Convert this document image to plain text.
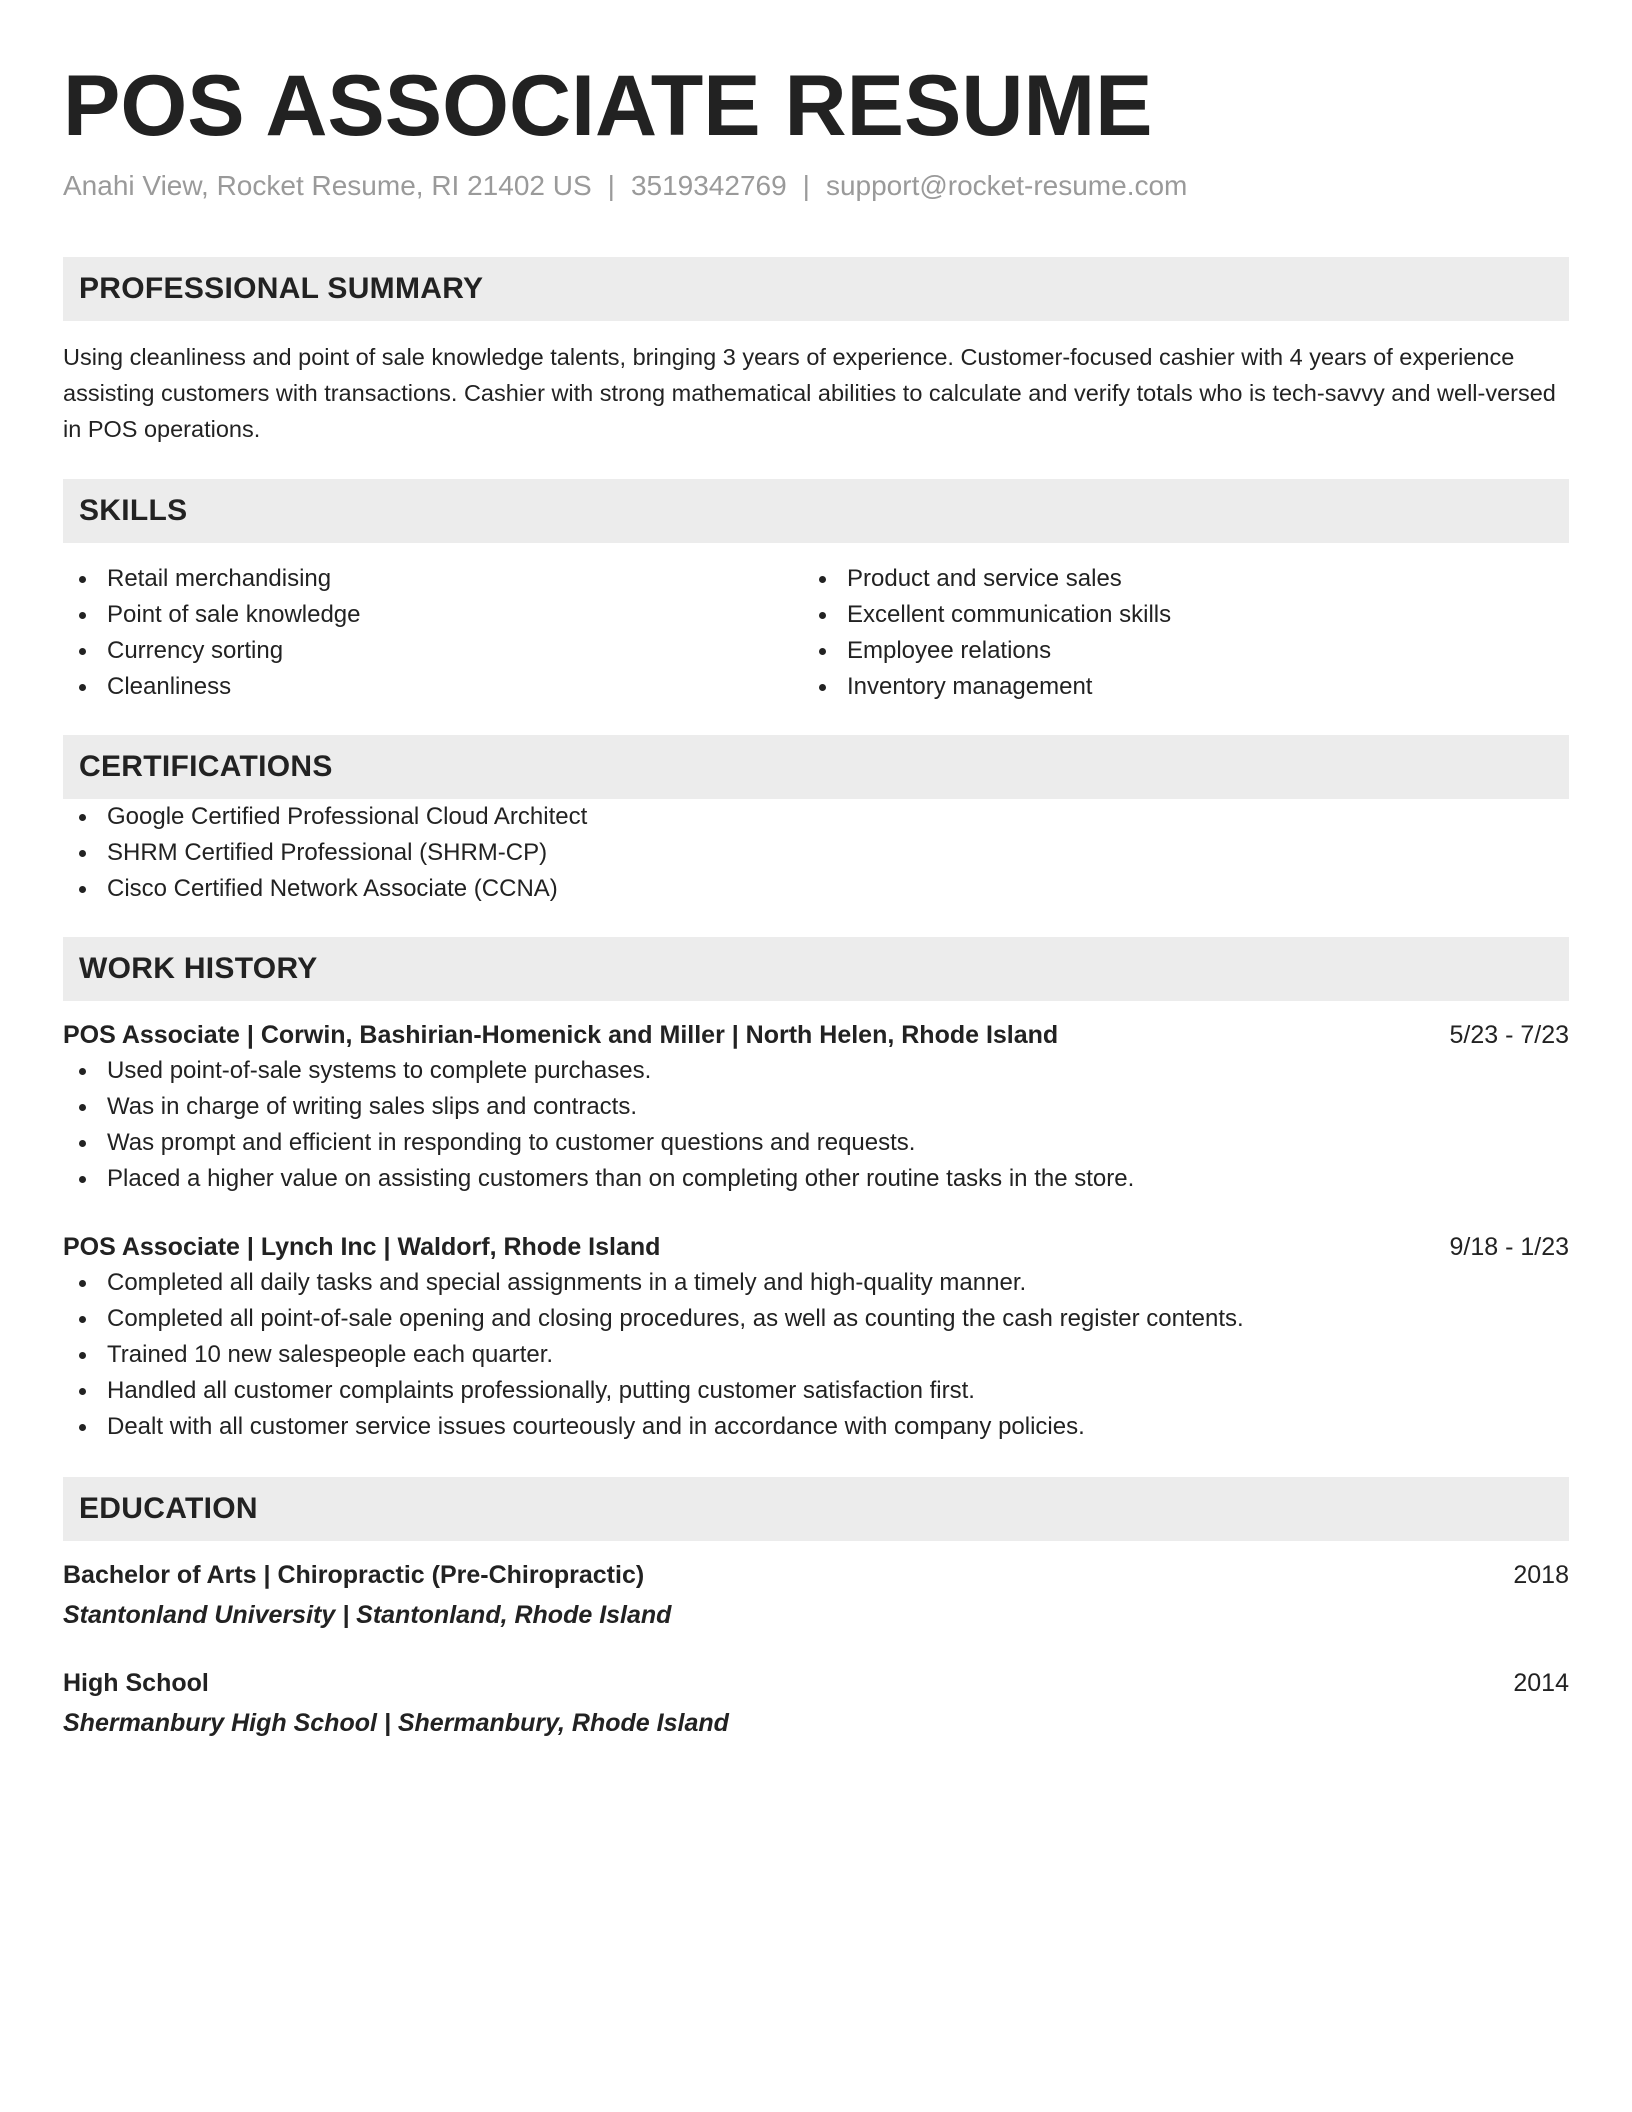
POS ASSOCIATE RESUME
Anahi View, Rocket Resume, RI 21402 US | 3519342769 | support@rocket-resume.com
PROFESSIONAL SUMMARY

Using cleanliness and point of sale knowledge talents, bringing 3 years of experience. Customer-focused cashier with 4 years of experience assisting customers with transactions. Cashier with strong mathematical abilities to calculate and verify totals who is tech-savvy and well-versed in POS operations.

SKILLS
Retail merchandising
Point of sale knowledge
Currency sorting
Cleanliness
Product and service sales
Excellent communication skills
Employee relations
Inventory management
CERTIFICATIONS
Google Certified Professional Cloud Architect
SHRM Certified Professional (SHRM-CP)
Cisco Certified Network Associate (CCNA)
WORK HISTORY
POS Associate | Corwin, Bashirian-Homenick and Miller | North Helen, Rhode Island	5/23 - 7/23
Used point-of-sale systems to complete purchases.
Was in charge of writing sales slips and contracts.
Was prompt and efficient in responding to customer questions and requests.
Placed a higher value on assisting customers than on completing other routine tasks in the store.
POS Associate | Lynch Inc | Waldorf, Rhode Island	9/18 - 1/23
Completed all daily tasks and special assignments in a timely and high-quality manner.
Completed all point-of-sale opening and closing procedures, as well as counting the cash register contents.
Trained 10 new salespeople each quarter.
Handled all customer complaints professionally, putting customer satisfaction first.
Dealt with all customer service issues courteously and in accordance with company policies.
EDUCATION
Bachelor of Arts | Chiropractic (Pre-Chiropractic)	2018
Stantonland University | Stantonland, Rhode Island
High School	2014
Shermanbury High School | Shermanbury, Rhode Island
